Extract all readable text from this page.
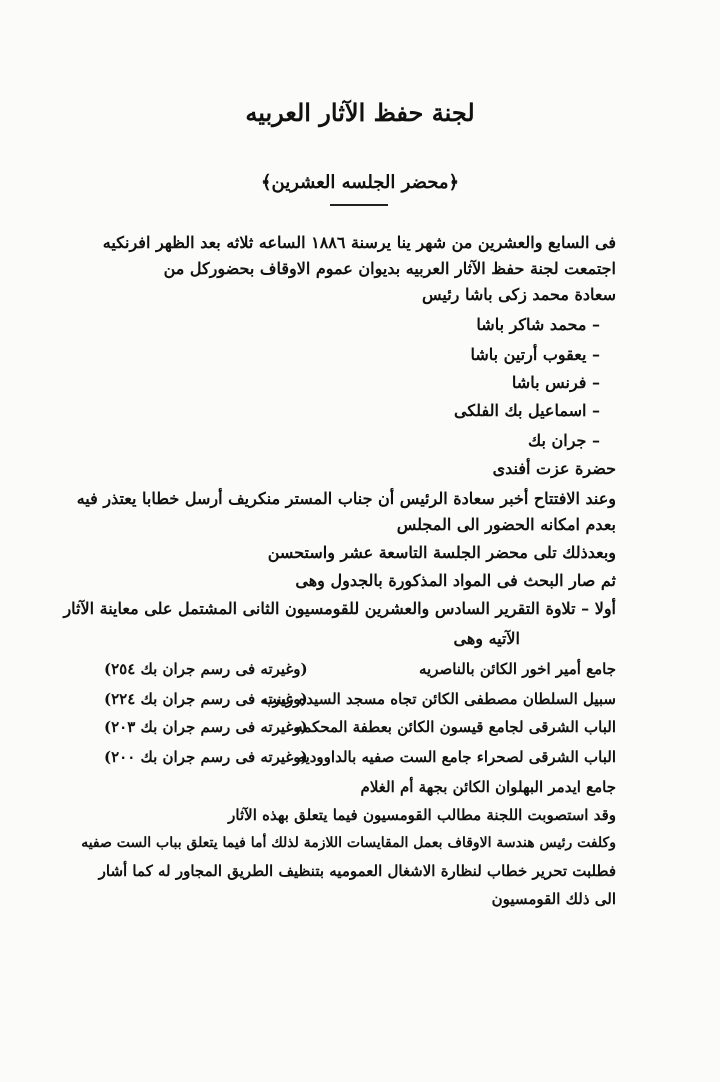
لجنة حفظ الآثار العربيه
﴿محضر الجلسه العشرين﴾
فى السابع والعشرين من شهر ينا يرسنة ١٨٨٦ الساعه ثلاثه بعد الظهر افرنكيه
اجتمعت لجنة حفظ الآثار العربيه بديوان عموم الاوقاف بحضوركل من
سعادة محمد زكى باشا رئيس
– محمد شاكر باشا
– يعقوب أرتين باشا
– فرنس باشا
– اسماعيل بك الفلكى
– جران بك
حضرة عزت أفندى
وعند الافتتاح أخبر سعادة الرئيس أن جناب المستر منكريف أرسل خطابا يعتذر فيه
بعدم امكانه الحضور الى المجلس
وبعدذلك تلى محضر الجلسة التاسعة عشر واستحسن
ثم صار البحث فى المواد المذكورة بالجدول وهى
أولا – تلاوة التقرير السادس والعشرين للقومسيون الثانى المشتمل على معاينة الآثار
الآتيه وهى
جامع أمير اخور الكائن بالناصريه
(وغيرته فى رسم جران بك ٢٥٤)
سبيل السلطان مصطفى الكائن تجاه مسجد السيده زينب
(وغيرته فى رسم جران بك ٢٢٤)
الباب الشرقى لجامع قيسون الكائن بعطفة المحكمه
(وغيرته فى رسم جران بك ٢٠٣)
الباب الشرقى لصحراء جامع الست صفيه بالداووديه
(وغيرته فى رسم جران بك ٢٠٠)
جامع ايدمر البهلوان الكائن بجهة أم الغلام
وقد استصوبت اللجنة مطالب القومسيون فيما يتعلق بهذه الآثار
وكلفت رئيس هندسة الاوقاف بعمل المقايسات اللازمة لذلك أما فيما يتعلق بباب الست صفيه
فطلبت تحرير خطاب لنظارة الاشغال العموميه بتنظيف الطريق المجاور له كما أشار
الى ذلك القومسيون
